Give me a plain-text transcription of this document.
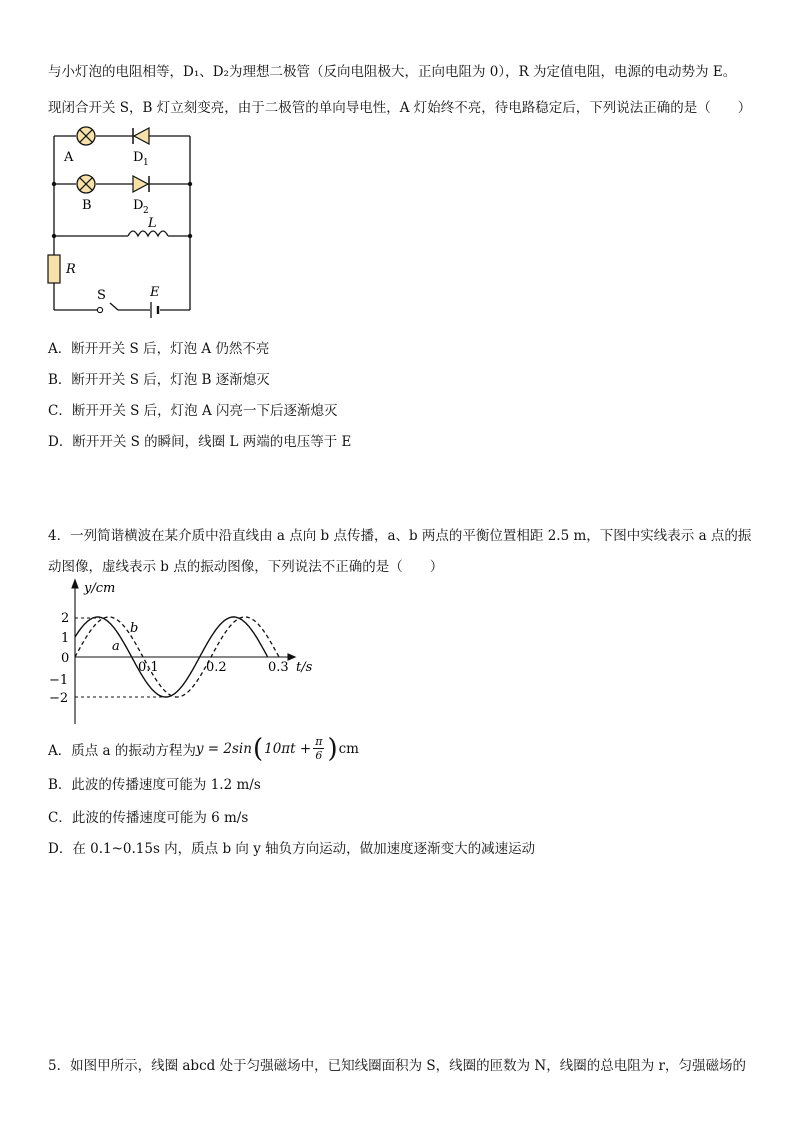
与小灯泡的电阻相等，D₁、D₂为理想二极管（反向电阻极大，正向电阻为 0），R 为定值电阻，电源的电动势为 E。
现闭合开关 S，B 灯立刻变亮，由于二极管的单向导电性，A 灯始终不亮，待电路稳定后，下列说法正确的是（　　）
A
B
D 1
D 2
L
R
S	E
A．断开开关 S 后，灯泡 A 仍然不亮
B．断开开关 S 后，灯泡 B 逐渐熄灭
C．断开开关 S 后，灯泡 A 闪亮一下后逐渐熄灭
D．断开开关 S 的瞬间，线圈 L 两端的电压等于 E
4．一列简谐横波在某介质中沿直线由 a 点向 b 点传播，a、b 两点的平衡位置相距 2.5 m，下图中实线表示 a 点的振
动图像，虚线表示 b 点的振动图像，下列说法不正确的是（　　）
y/cm
t/s
2
1
0
−1
−2
0.1	0.2	0.3
a
b
A．质点 a 的振动方程为 y = 2sin ( $10\pi t + \frac{\pi}{6}$ ) cm
B．此波的传播速度可能为 1.2 m/s
C．此波的传播速度可能为 6 m/s
D．在 0.1~0.15s 内，质点 b 向 y 轴负方向运动，做加速度逐渐变大的减速运动
5．如图甲所示，线圈 abcd 处于匀强磁场中，已知线圈面积为 S，线圈的匝数为 N，线圈的总电阻为 r，匀强磁场的
